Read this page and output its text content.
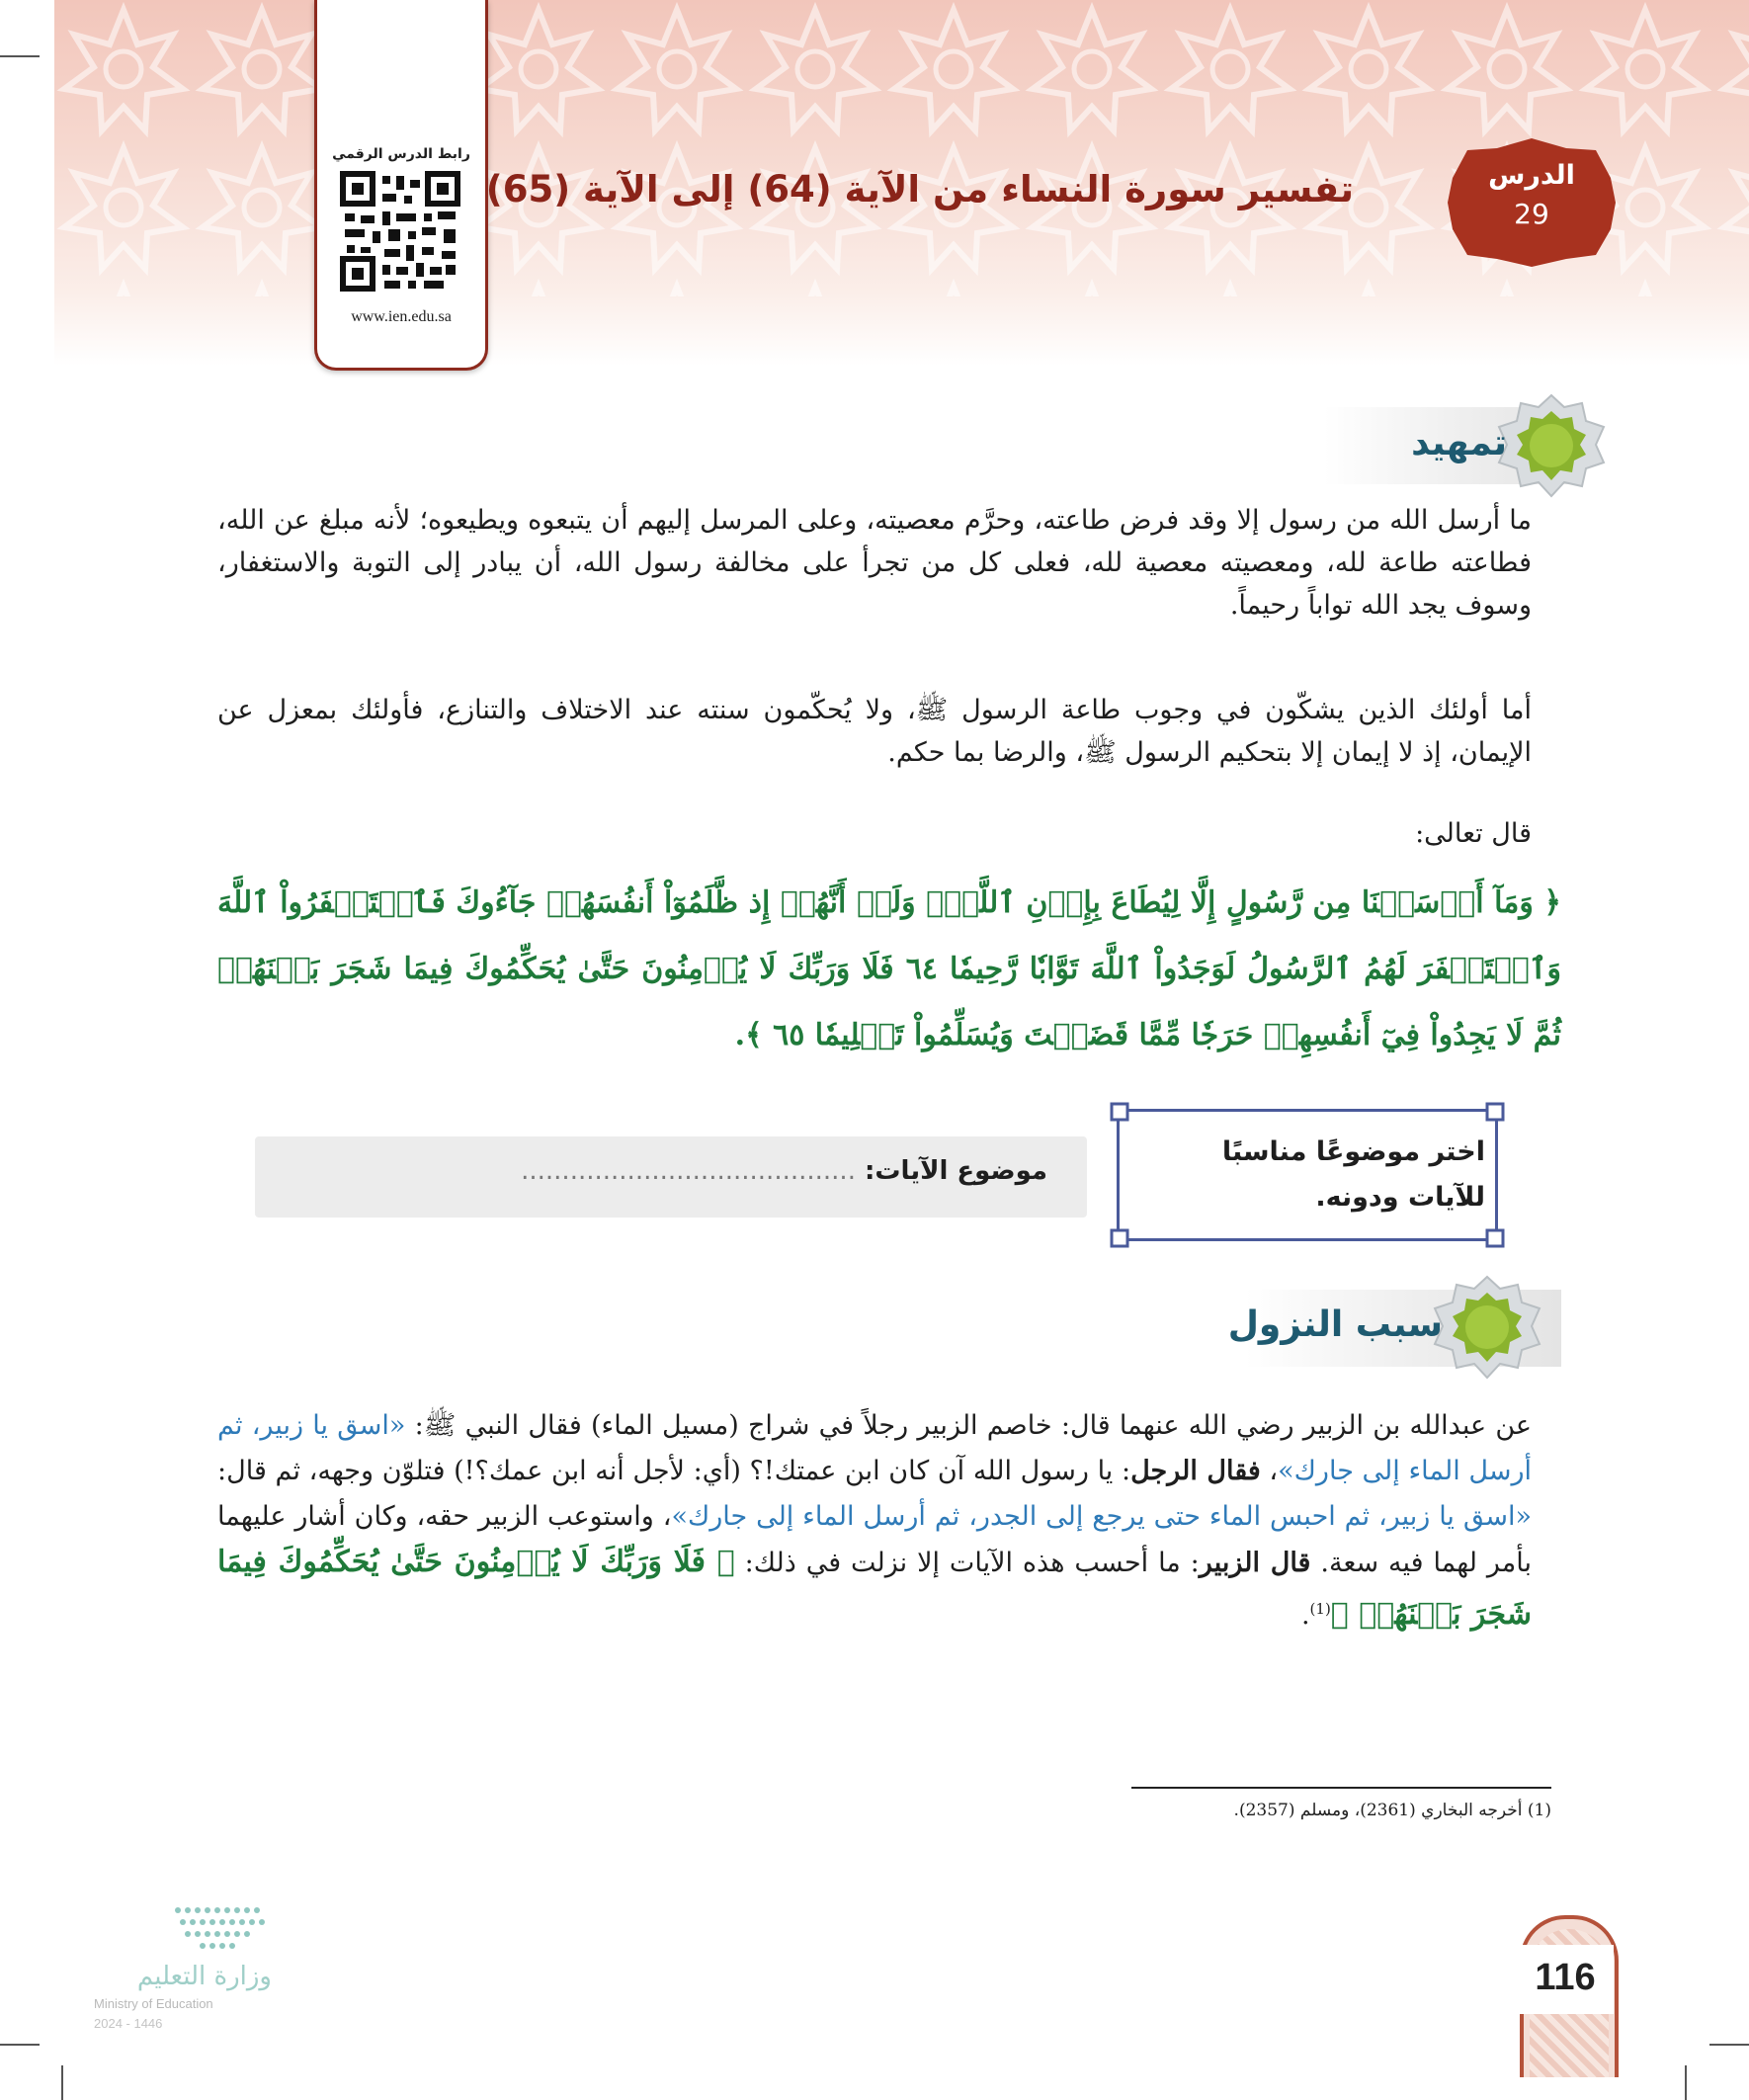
رابط الدرس الرقمي
www.ien.edu.sa
تفسير سورة النساء من الآية (64) إلى الآية (65)	الدرس
29
تمهيد

ما أرسل الله من رسول إلا وقد فرض طاعته، وحرَّم معصيته، وعلى المرسل إليهم أن يتبعوه ويطيعوه؛ لأنه مبلغ عن الله، فطاعته طاعة لله، ومعصيته معصية لله، فعلى كل من تجرأ على مخالفة رسول الله، أن يبادر إلى التوبة والاستغفار، وسوف يجد الله تواباً رحيماً.

أما أولئك الذين يشكّون في وجوب طاعة الرسول ﷺ، ولا يُحكّمون سنته عند الاختلاف والتنازع، فأولئك بمعزل عن الإيمان، إذ لا إيمان إلا بتحكيم الرسول ﷺ، والرضا بما حكم.

قال تعالى:

﴿ وَمَآ أَرۡسَلۡنَا مِن رَّسُولٍ إِلَّا لِيُطَاعَ بِإِذۡنِ ٱللَّهِۚ وَلَوۡ أَنَّهُمۡ إِذ ظَّلَمُوٓاْ أَنفُسَهُمۡ جَآءُوكَ فَٱسۡتَغۡفَرُواْ ٱللَّهَ وَٱسۡتَغۡفَرَ لَهُمُ ٱلرَّسُولُ لَوَجَدُواْ ٱللَّهَ تَوَّابٗا رَّحِيمٗا ٦٤ فَلَا وَرَبِّكَ لَا يُؤۡمِنُونَ حَتَّىٰ يُحَكِّمُوكَ فِيمَا شَجَرَ بَيۡنَهُمۡ ثُمَّ لَا يَجِدُواْ فِيٓ أَنفُسِهِمۡ حَرَجٗا مِّمَّا قَضَيۡتَ وَيُسَلِّمُواْ تَسۡلِيمٗا ٦٥ ﴾.

موضوع الآيات: .........................................
اختر موضوعًا مناسبًا
للآيات ودونه.
سبب النزول

عن عبدالله بن الزبير رضي الله عنهما قال: خاصم الزبير رجلاً في شراج (مسيل الماء) فقال النبي ﷺ: «اسق يا زبير، ثم أرسل الماء إلى جارك»، فقال الرجل: يا رسول الله آن كان ابن عمتك!؟ (أي: لأجل أنه ابن عمك؟!) فتلوّن وجهه، ثم قال: «اسق يا زبير، ثم احبس الماء حتى يرجع إلى الجدر، ثم أرسل الماء إلى جارك»، واستوعب الزبير حقه، وكان أشار عليهما بأمر لهما فيه سعة. قال الزبير: ما أحسب هذه الآيات إلا نزلت في ذلك: ﴿ فَلَا وَرَبِّكَ لَا يُؤۡمِنُونَ حَتَّىٰ يُحَكِّمُوكَ فِيمَا شَجَرَ بَيۡنَهُمۡ ﴾$^{(1)}$.

(1) أخرجه البخاري (2361)، ومسلم (2357).
وزارة التعليم
Ministry of Education
2024 - 1446
116
